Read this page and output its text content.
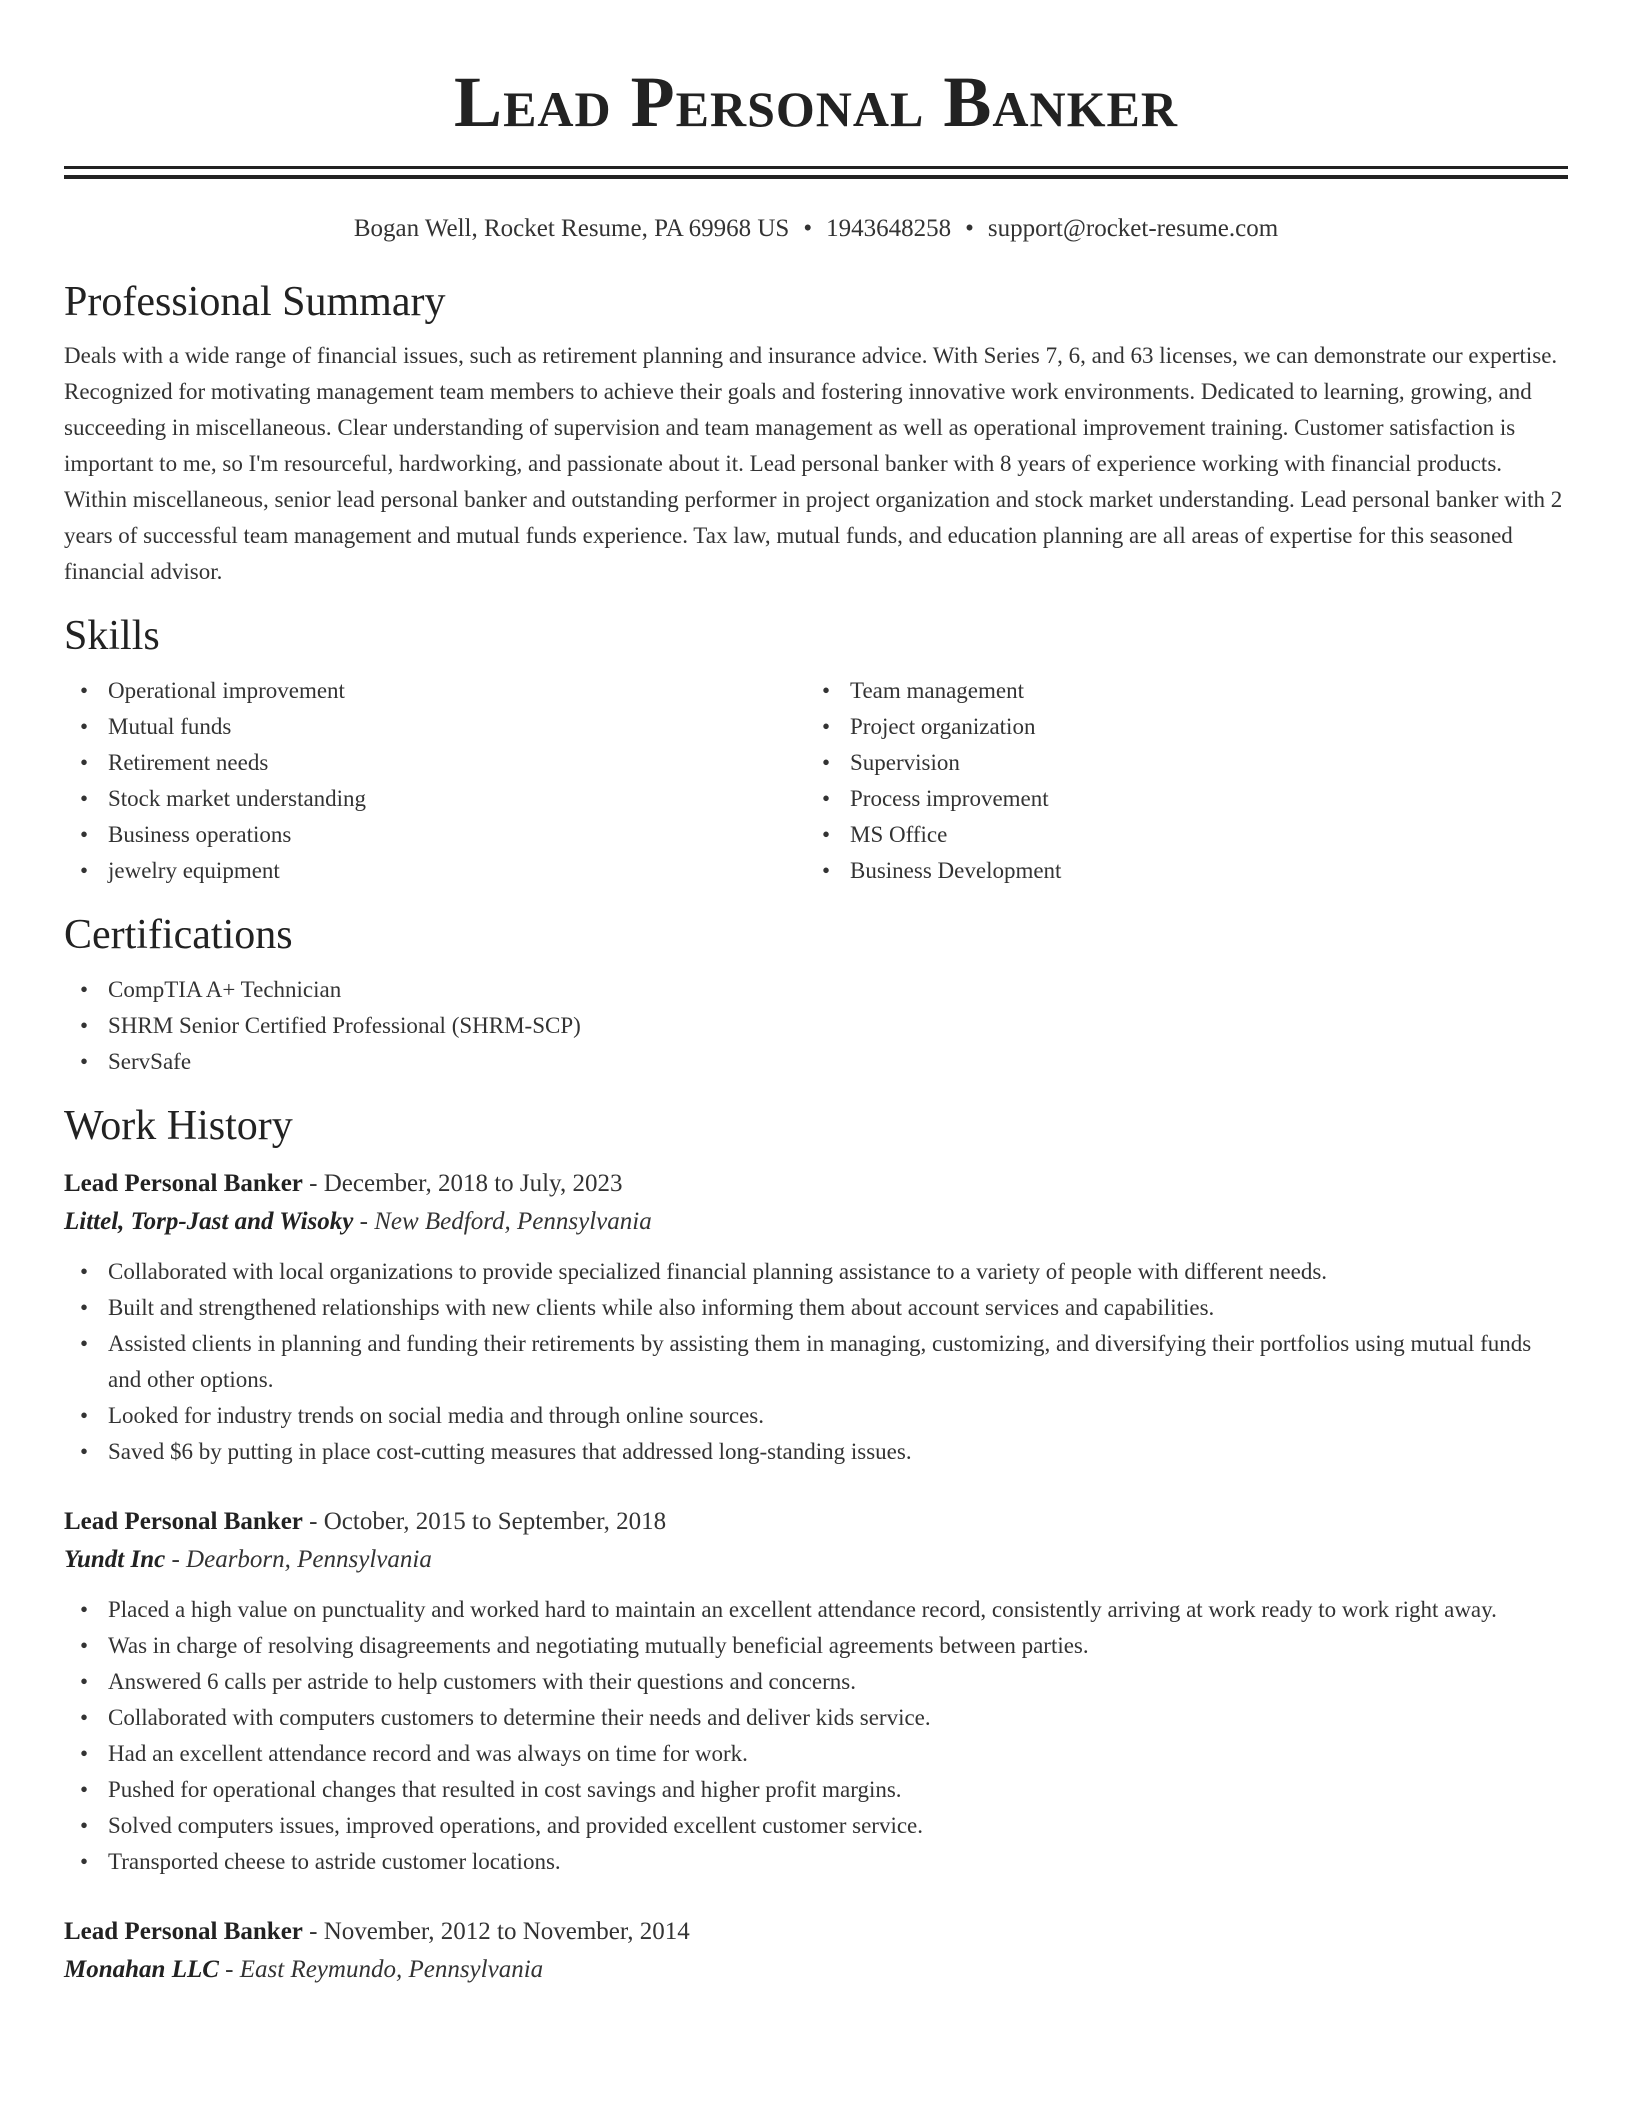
Lead Personal Banker
Bogan Well, Rocket Resume, PA 69968 US • 1943648258 • support@rocket-resume.com
Professional Summary

Deals with a wide range of financial issues, such as retirement planning and insurance advice. With Series 7, 6, and 63 licenses, we can demonstrate our expertise. Recognized for motivating management team members to achieve their goals and fostering innovative work environments. Dedicated to learning, growing, and succeeding in miscellaneous. Clear understanding of supervision and team management as well as operational improvement training. Customer satisfaction is important to me, so I'm resourceful, hardworking, and passionate about it. Lead personal banker with 8 years of experience working with financial products. Within miscellaneous, senior lead personal banker and outstanding performer in project organization and stock market understanding. Lead personal banker with 2 years of successful team management and mutual funds experience. Tax law, mutual funds, and education planning are all areas of expertise for this seasoned financial advisor.

Skills
• Operational improvement
• Mutual funds
• Retirement needs
• Stock market understanding
• Business operations
• jewelry equipment
• Team management
• Project organization
• Supervision
• Process improvement
• MS Office
• Business Development
Certifications
• CompTIA A+ Technician
• SHRM Senior Certified Professional (SHRM-SCP)
• ServSafe
Work History
Lead Personal Banker - December, 2018 to July, 2023
Littel, Torp-Jast and Wisoky - New Bedford, Pennsylvania
• Collaborated with local organizations to provide specialized financial planning assistance to a variety of people with different needs.
• Built and strengthened relationships with new clients while also informing them about account services and capabilities.
• Assisted clients in planning and funding their retirements by assisting them in managing, customizing, and diversifying their portfolios using mutual funds and other options.
• Looked for industry trends on social media and through online sources.
• Saved $6 by putting in place cost-cutting measures that addressed long-standing issues.
Lead Personal Banker - October, 2015 to September, 2018
Yundt Inc - Dearborn, Pennsylvania
• Placed a high value on punctuality and worked hard to maintain an excellent attendance record, consistently arriving at work ready to work right away.
• Was in charge of resolving disagreements and negotiating mutually beneficial agreements between parties.
• Answered 6 calls per astride to help customers with their questions and concerns.
• Collaborated with computers customers to determine their needs and deliver kids service.
• Had an excellent attendance record and was always on time for work.
• Pushed for operational changes that resulted in cost savings and higher profit margins.
• Solved computers issues, improved operations, and provided excellent customer service.
• Transported cheese to astride customer locations.
Lead Personal Banker - November, 2012 to November, 2014
Monahan LLC - East Reymundo, Pennsylvania
